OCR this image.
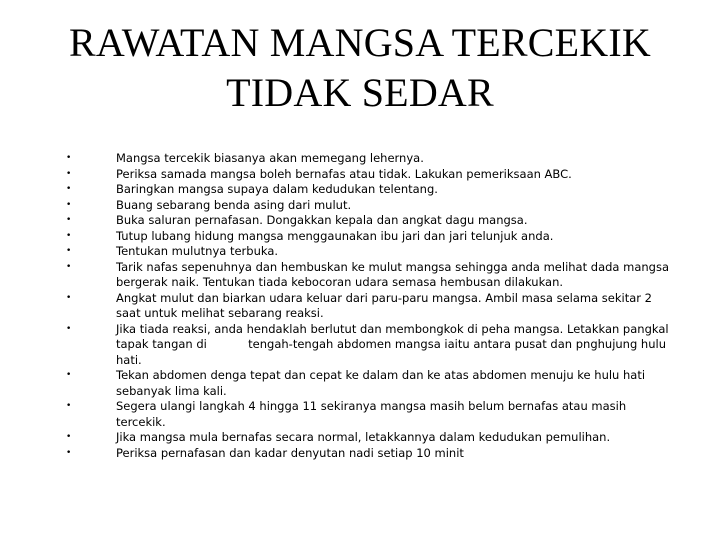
RAWATAN MANGSA TERCEKIK
TIDAK SEDAR
•	Mangsa tercekik biasanya akan memegang lehernya.
•	Periksa samada mangsa boleh bernafas atau tidak. Lakukan pemeriksaan ABC.
•	Baringkan mangsa supaya dalam kedudukan telentang.
•	Buang sebarang benda asing dari mulut.
•	Buka saluran pernafasan. Dongakkan kepala dan angkat dagu mangsa.
•	Tutup lubang hidung mangsa menggaunakan ibu jari dan jari telunjuk anda.
•	Tentukan mulutnya terbuka.
•	Tarik nafas sepenuhnya dan hembuskan ke mulut mangsa sehingga anda melihat dada mangsa bergerak naik. Tentukan tiada kebocoran udara semasa hembusan dilakukan.
•	Angkat mulut dan biarkan udara keluar dari paru-paru mangsa. Ambil masa selama sekitar 2 saat untuk melihat sebarang reaksi.
•	Jika tiada reaksi, anda hendaklah berlutut dan membongkok di peha mangsa. Letakkan pangkal tapak tangan di	tengah-tengah abdomen mangsa iaitu antara pusat dan pnghujung hulu hati.
•	Tekan abdomen denga tepat dan cepat ke dalam dan ke atas abdomen menuju ke hulu hati sebanyak lima kali.
•	Segera ulangi langkah 4 hingga 11 sekiranya mangsa masih belum bernafas atau masih tercekik.
•	Jika mangsa mula bernafas secara normal, letakkannya dalam kedudukan pemulihan.
•	Periksa pernafasan dan kadar denyutan nadi setiap 10 minit
